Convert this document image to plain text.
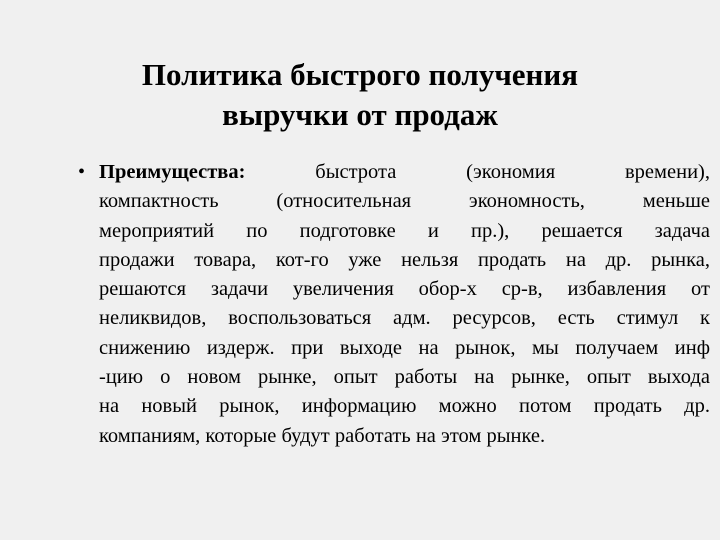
Политика быстрого получения
выручки от продаж
• Преимущества: быстрота (экономия времени),
компактность (относительная экономность, меньше
мероприятий по подготовке и пр.), решается задача
продажи товара, кот-го уже нельзя продать на др. рынка,
решаются задачи увеличения обор-х ср-в, избавления от
неликвидов, воспользоваться адм. ресурсов, есть стимул к
снижению издерж. при выходе на рынок, мы получаем инф
-цию о новом рынке, опыт работы на рынке, опыт выхода
на новый рынок, информацию можно потом продать др.
компаниям, которые будут работать на этом рынке.
